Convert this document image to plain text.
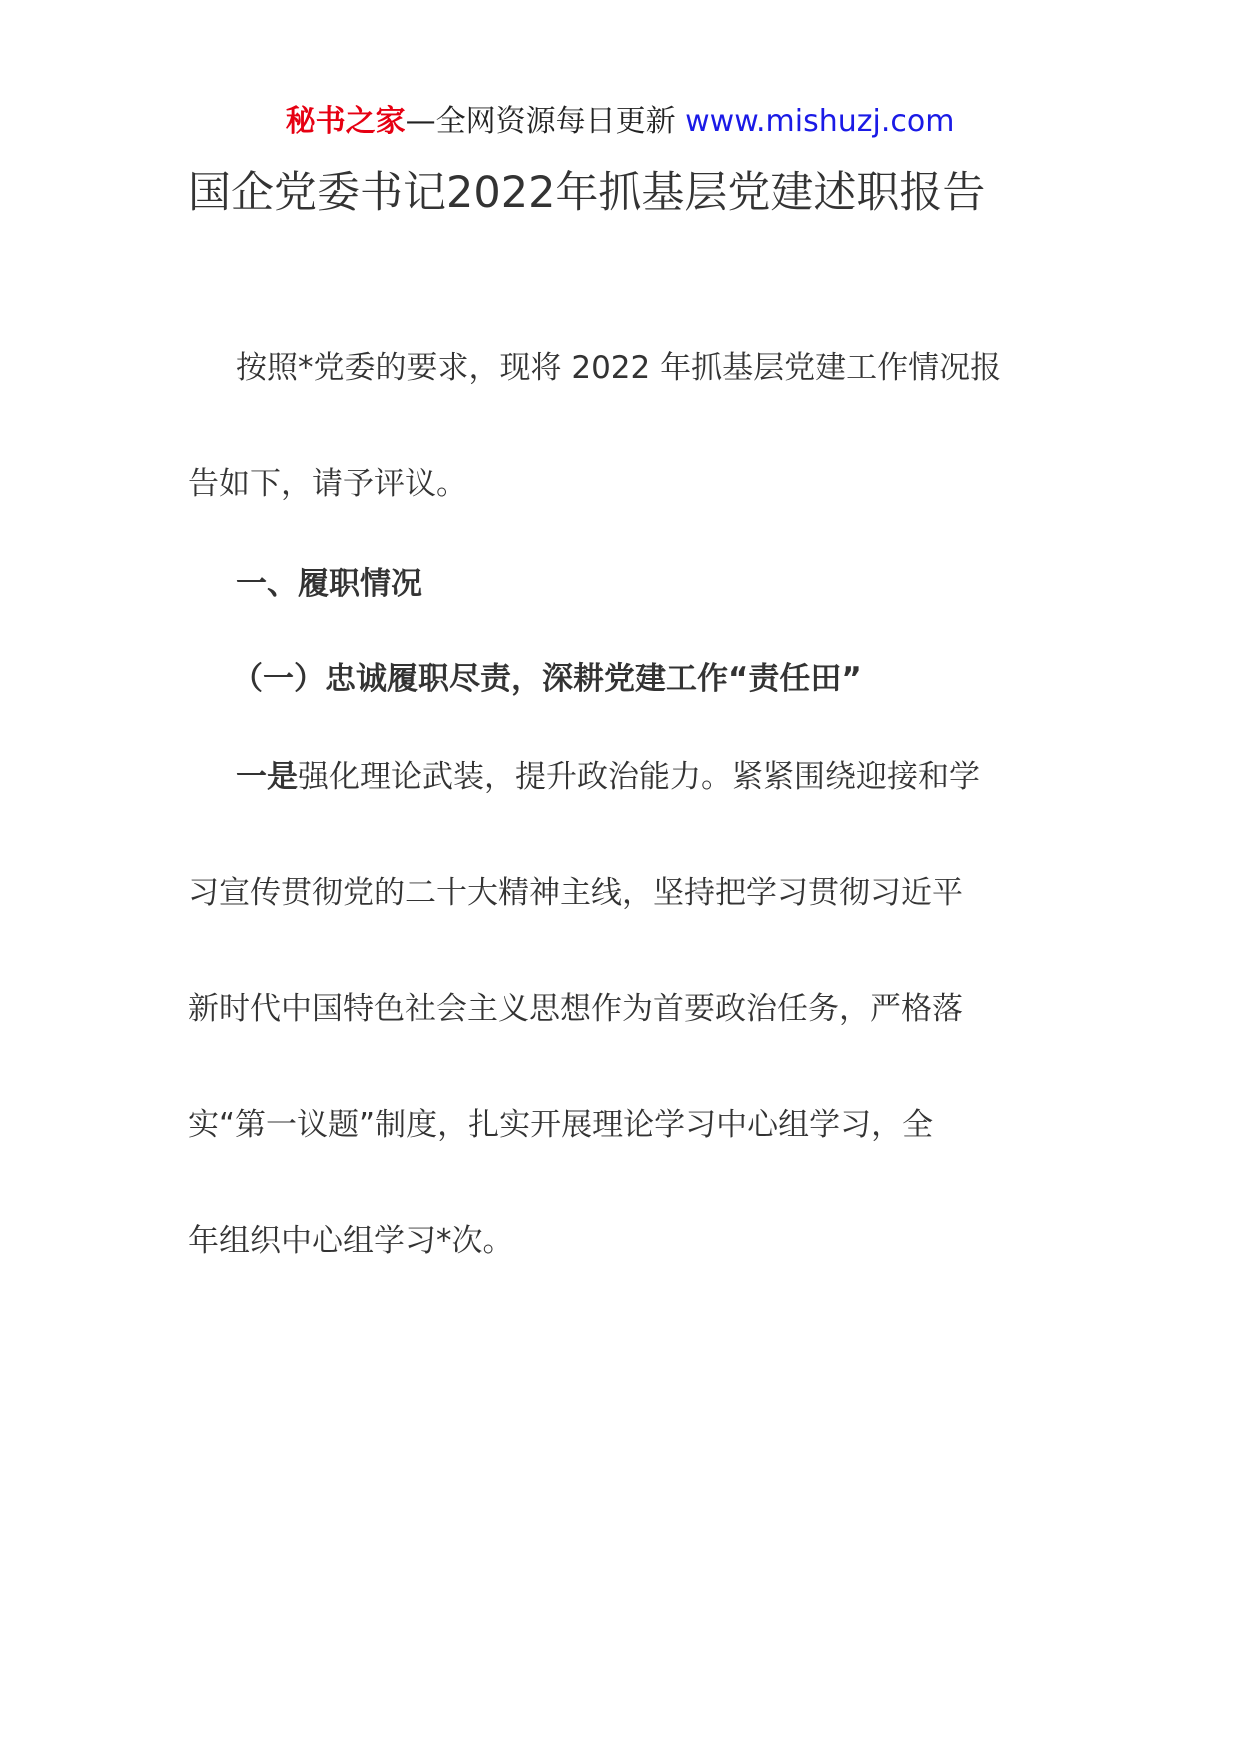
秘书之家—全网资源每日更新 www.mishuzj.com
国企党委书记2022年抓基层党建述职报告
按照*党委的要求，现将 2022 年抓基层党建工作情况报
告如下，请予评议。
一、履职情况
（一）忠诚履职尽责，深耕党建工作“责任田”
一是强化理论武装，提升政治能力。紧紧围绕迎接和学
习宣传贯彻党的二十大精神主线，坚持把学习贯彻习近平
新时代中国特色社会主义思想作为首要政治任务，严格落
实“第一议题”制度，扎实开展理论学习中心组学习，全
年组织中心组学习*次。
